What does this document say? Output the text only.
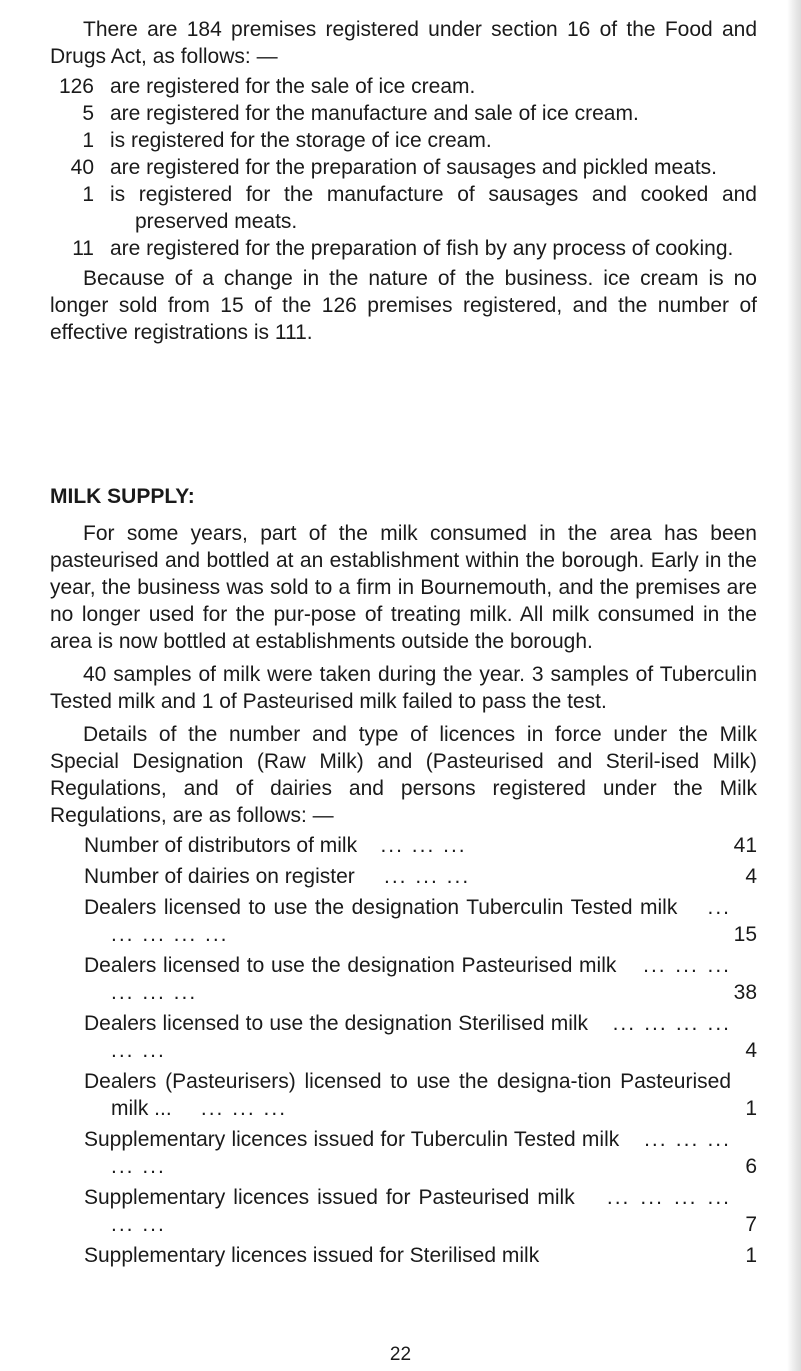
There are 184 premises registered under section 16 of the Food and Drugs Act, as follows: —

126 are registered for the sale of ice cream.
5 are registered for the manufacture and sale of ice cream.
1 is registered for the storage of ice cream.
40 are registered for the preparation of sausages and pickled meats.
1 is registered for the manufacture of sausages and cooked and preserved meats.
11 are registered for the preparation of fish by any process of cooking.

Because of a change in the nature of the business. ice cream is no longer sold from 15 of the 126 premises registered, and the number of effective registrations is 111.

MILK SUPPLY:

For some years, part of the milk consumed in the area has been pasteurised and bottled at an establishment within the borough. Early in the year, the business was sold to a firm in Bournemouth, and the premises are no longer used for the pur-pose of treating milk. All milk consumed in the area is now bottled at establishments outside the borough.

40 samples of milk were taken during the year. 3 samples of Tuberculin Tested milk and 1 of Pasteurised milk failed to pass the test.

Details of the number and type of licences in force under the Milk Special Designation (Raw Milk) and (Pasteurised and Steril-ised Milk) Regulations, and of dairies and persons registered under the Milk Regulations, are as follows: —

Number of distributors of milk ... ... ...	41
Number of dairies on register ... ... ...	4
Dealers licensed to use the designation Tuberculin Tested milk ... ... ... ... ...	15
Dealers licensed to use the designation Pasteurised milk ... ... ... ... ... ...	38
Dealers licensed to use the designation Sterilised milk ... ... ... ... ... ...	4
Dealers (Pasteurisers) licensed to use the designa-tion Pasteurised milk ... ... ... ...	1
Supplementary licences issued for Tuberculin Tested milk ... ... ... ... ...	6
Supplementary licences issued for Pasteurised milk ... ... ... ... ... ...	7
Supplementary licences issued for Sterilised milk	1
22
